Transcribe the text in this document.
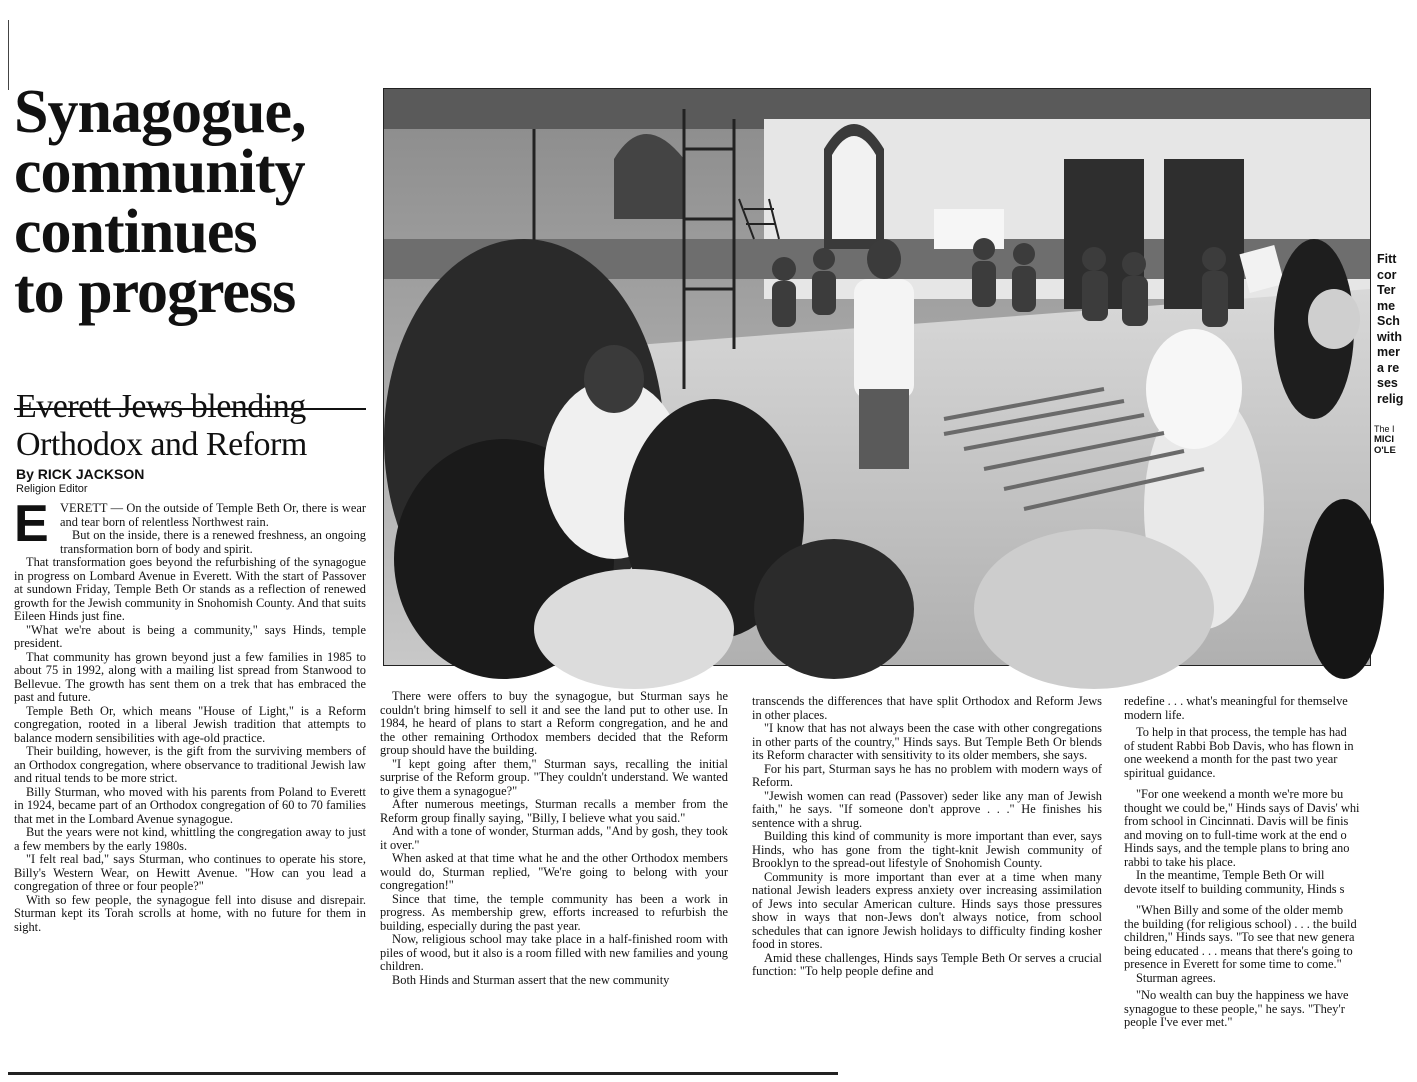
Synagogue,
community
continues
to progress
Everett Jews blending
Orthodox and Reform
By RICK JACKSON
Religion Editor
E VERETT — On the outside of Temple Beth Or, there is wear and tear born of relentless Northwest rain.

But on the inside, there is a renewed freshness, an ongoing transformation born of body and spirit.

That transformation goes beyond the refurbishing of the synagogue in progress on Lombard Avenue in Everett. With the start of Passover at sundown Friday, Temple Beth Or stands as a reflection of renewed growth for the Jewish community in Snohomish County. And that suits Eileen Hinds just fine.

"What we're about is being a community," says Hinds, temple president.

That community has grown beyond just a few families in 1985 to about 75 in 1992, along with a mailing list spread from Stanwood to Bellevue. The growth has sent them on a trek that has embraced the past and future.

Temple Beth Or, which means "House of Light," is a Reform congregation, rooted in a liberal Jewish tradition that attempts to balance modern sensibilities with age-old practice.

Their building, however, is the gift from the surviving members of an Orthodox congregation, where observance to traditional Jewish law and ritual tends to be more strict.

Billy Sturman, who moved with his parents from Poland to Everett in 1924, became part of an Orthodox congregation of 60 to 70 families that met in the Lombard Avenue synagogue.

But the years were not kind, whittling the congregation away to just a few members by the early 1980s.

"I felt real bad," says Sturman, who continues to operate his store, Billy's Western Wear, on Hewitt Avenue. "How can you lead a congregation of three or four people?"

With so few people, the synagogue fell into disuse and disrepair. Sturman kept its Torah scrolls at home, with no future for them in sight.

Fitt
cor
Ter
me
Sch
with
mer
a re
ses
relig
The I
MICI
O'LE

There were offers to buy the synagogue, but Sturman says he couldn't bring himself to sell it and see the land put to other use. In 1984, he heard of plans to start a Reform congregation, and he and the other remaining Orthodox members decided that the Reform group should have the building.

"I kept going after them," Sturman says, recalling the initial surprise of the Reform group. "They couldn't understand. We wanted to give them a synagogue?"

After numerous meetings, Sturman recalls a member from the Reform group finally saying, "Billy, I believe what you said."

And with a tone of wonder, Sturman adds, "And by gosh, they took it over."

When asked at that time what he and the other Orthodox members would do, Sturman replied, "We're going to belong with your congregation!"

Since that time, the temple community has been a work in progress. As membership grew, efforts increased to refurbish the building, especially during the past year.

Now, religious school may take place in a half-finished room with piles of wood, but it also is a room filled with new families and young children.

Both Hinds and Sturman assert that the new community

transcends the differences that have split Orthodox and Reform Jews in other places.

"I know that has not always been the case with other congregations in other parts of the country," Hinds says. But Temple Beth Or blends its Reform character with sensitivity to its older members, she says.

For his part, Sturman says he has no problem with modern ways of Reform.

"Jewish women can read (Passover) seder like any man of Jewish faith," he says. "If someone don't approve . . ." He finishes his sentence with a shrug.

Building this kind of community is more important than ever, says Hinds, who has gone from the tight-knit Jewish community of Brooklyn to the spread-out lifestyle of Snohomish County.

Community is more important than ever at a time when many national Jewish leaders express anxiety over increasing assimilation of Jews into secular American culture. Hinds says those pressures show in ways that non-Jews don't always notice, from school schedules that can ignore Jewish holidays to difficulty finding kosher food in stores.

Amid these challenges, Hinds says Temple Beth Or serves a crucial function: "To help people define and

redefine . . . what's meaningful for themselve
modern life.
To help in that process, the temple has had
of student Rabbi Bob Davis, who has flown in
one weekend a month for the past two year
spiritual guidance.
"For one weekend a month we're more bu
thought we could be," Hinds says of Davis' whi
from school in Cincinnati. Davis will be finis
and moving on to full-time work at the end o
Hinds says, and the temple plans to bring ano
rabbi to take his place.
In the meantime, Temple Beth Or will
devote itself to building community, Hinds s
"When Billy and some of the older memb
the building (for religious school) . . . the build
children," Hinds says. "To see that new genera
being educated . . . means that there's going to
presence in Everett for some time to come."
Sturman agrees.
"No wealth can buy the happiness we have
synagogue to these people," he says. "They'r
people I've ever met."
